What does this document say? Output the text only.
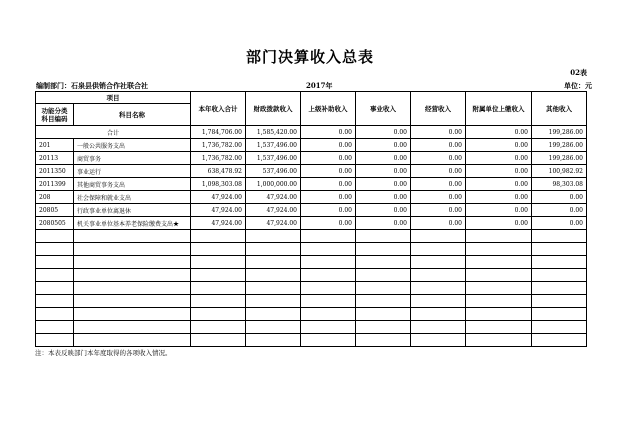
部门决算收入总表
02表
编制部门：石泉县供销合作社联合社	2017年	单位：元
项目		本年收入合计	财政拨款收入	上级补助收入	事业收入	经营收入	附属单位上缴收入	其他收入
功能分类
科目编码	科目名称							
合计		1,784,706.00	1,585,420.00	0.00	0.00	0.00	0.00	199,286.00
201	一般公共服务支出	1,736,782.00	1,537,496.00	0.00	0.00	0.00	0.00	199,286.00
20113	商贸事务	1,736,782.00	1,537,496.00	0.00	0.00	0.00	0.00	199,286.00
2011350	事业运行	638,478.92	537,496.00	0.00	0.00	0.00	0.00	100,982.92
2011399	其他商贸事务支出	1,098,303.08	1,000,000.00	0.00	0.00	0.00	0.00	98,303.08
208	社会保障和就业支出	47,924.00	47,924.00	0.00	0.00	0.00	0.00	0.00
20805	行政事业单位离退休	47,924.00	47,924.00	0.00	0.00	0.00	0.00	0.00
2080505	机关事业单位基本养老保险缴费支出★	47,924.00	47,924.00	0.00	0.00	0.00	0.00	0.00

注：本表反映部门本年度取得的各项收入情况。
